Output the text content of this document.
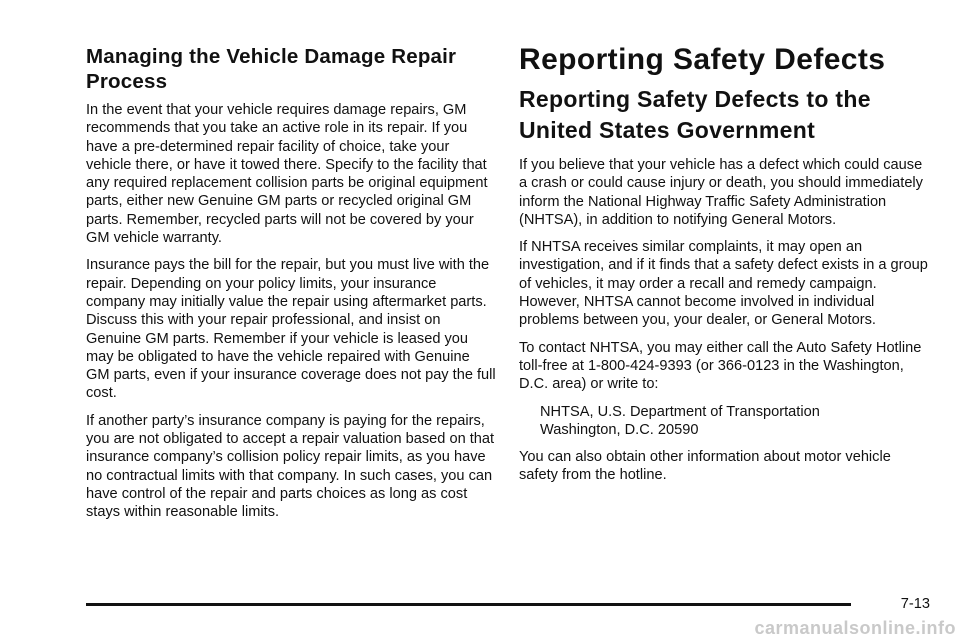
Managing the Vehicle Damage Repair Process

In the event that your vehicle requires damage repairs, GM recommends that you take an active role in its repair. If you have a pre-determined repair facility of choice, take your vehicle there, or have it towed there. Specify to the facility that any required replacement collision parts be original equipment parts, either new Genuine GM parts or recycled original GM parts. Remember, recycled parts will not be covered by your GM vehicle warranty.

Insurance pays the bill for the repair, but you must live with the repair. Depending on your policy limits, your insurance company may initially value the repair using aftermarket parts. Discuss this with your repair professional, and insist on Genuine GM parts. Remember if your vehicle is leased you may be obligated to have the vehicle repaired with Genuine GM parts, even if your insurance coverage does not pay the full cost.

If another party’s insurance company is paying for the repairs, you are not obligated to accept a repair valuation based on that insurance company’s collision policy repair limits, as you have no contractual limits with that company. In such cases, you can have control of the repair and parts choices as long as cost stays within reasonable limits.

Reporting Safety Defects
Reporting Safety Defects to the United States Government

If you believe that your vehicle has a defect which could cause a crash or could cause injury or death, you should immediately inform the National Highway Traffic Safety Administration (NHTSA), in addition to notifying General Motors.

If NHTSA receives similar complaints, it may open an investigation, and if it finds that a safety defect exists in a group of vehicles, it may order a recall and remedy campaign. However, NHTSA cannot become involved in individual problems between you, your dealer, or General Motors.

To contact NHTSA, you may either call the Auto Safety Hotline toll-free at 1-800-424-9393 (or 366-0123 in the Washington, D.C. area) or write to:

NHTSA, U.S. Department of Transportation
Washington, D.C. 20590

You can also obtain other information about motor vehicle safety from the hotline.

7-13
carmanualsonline.info
